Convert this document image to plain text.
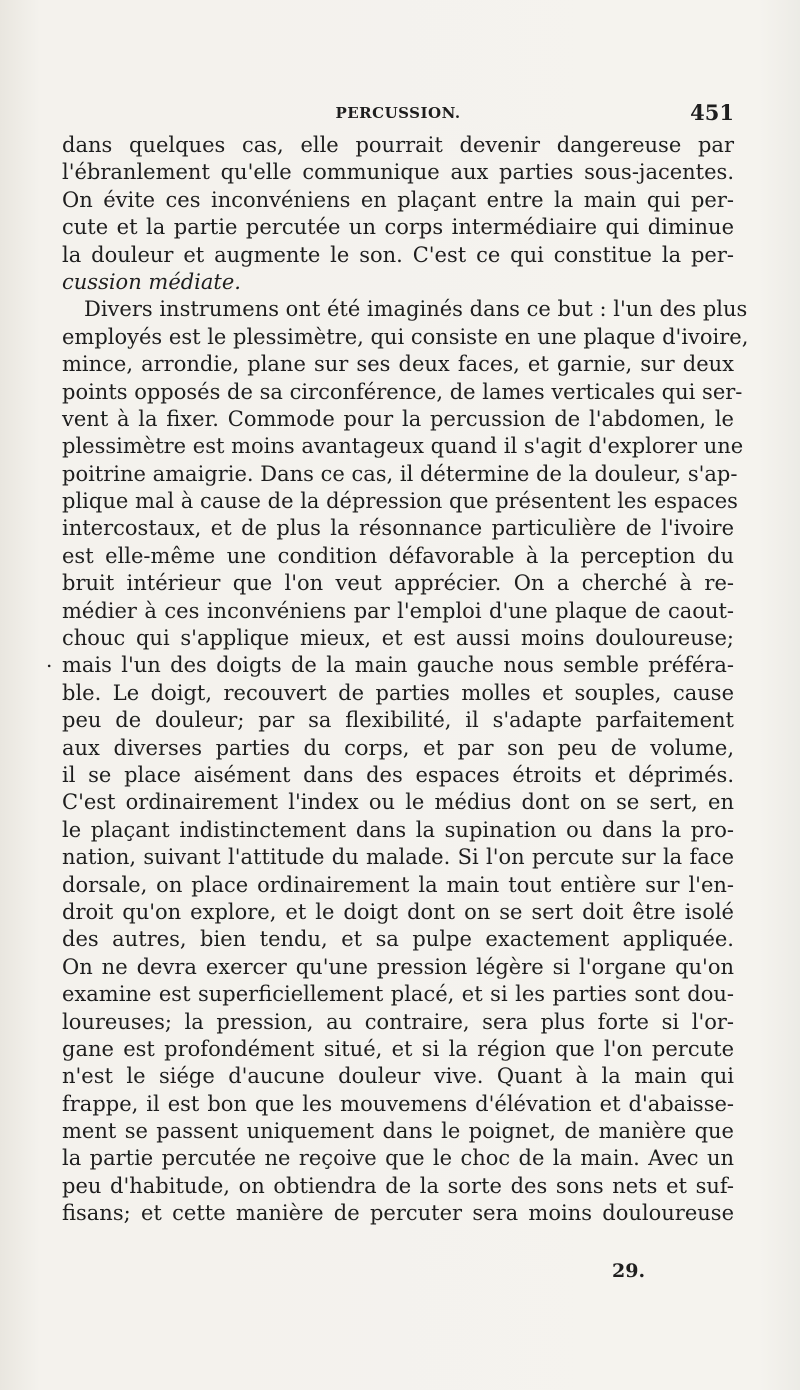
PERCUSSION.	451
.
dans quelques cas, elle pourrait devenir dangereuse par
l'ébranlement qu'elle communique aux parties sous-jacentes.
On évite ces inconvéniens en plaçant entre la main qui per-
cute et la partie percutée un corps intermédiaire qui diminue
la douleur et augmente le son. C'est ce qui constitue la per-
cussion médiate.
Divers instrumens ont été imaginés dans ce but : l'un des plus
employés est le plessimètre, qui consiste en une plaque d'ivoire,
mince, arrondie, plane sur ses deux faces, et garnie, sur deux
points opposés de sa circonférence, de lames verticales qui ser-
vent à la fixer. Commode pour la percussion de l'abdomen, le
plessimètre est moins avantageux quand il s'agit d'explorer une
poitrine amaigrie. Dans ce cas, il détermine de la douleur, s'ap-
plique mal à cause de la dépression que présentent les espaces
intercostaux, et de plus la résonnance particulière de l'ivoire
est elle-même une condition défavorable à la perception du
bruit intérieur que l'on veut apprécier. On a cherché à re-
médier à ces inconvéniens par l'emploi d'une plaque de caout-
chouc qui s'applique mieux, et est aussi moins douloureuse;
mais l'un des doigts de la main gauche nous semble préféra-
ble. Le doigt, recouvert de parties molles et souples, cause
peu de douleur; par sa flexibilité, il s'adapte parfaitement
aux diverses parties du corps, et par son peu de volume,
il se place aisément dans des espaces étroits et déprimés.
C'est ordinairement l'index ou le médius dont on se sert, en
le plaçant indistinctement dans la supination ou dans la pro-
nation, suivant l'attitude du malade. Si l'on percute sur la face
dorsale, on place ordinairement la main tout entière sur l'en-
droit qu'on explore, et le doigt dont on se sert doit être isolé
des autres, bien tendu, et sa pulpe exactement appliquée.
On ne devra exercer qu'une pression légère si l'organe qu'on
examine est superficiellement placé, et si les parties sont dou-
loureuses; la pression, au contraire, sera plus forte si l'or-
gane est profondément situé, et si la région que l'on percute
n'est le siége d'aucune douleur vive. Quant à la main qui
frappe, il est bon que les mouvemens d'élévation et d'abaisse-
ment se passent uniquement dans le poignet, de manière que
la partie percutée ne reçoive que le choc de la main. Avec un
peu d'habitude, on obtiendra de la sorte des sons nets et suf-
fisans; et cette manière de percuter sera moins douloureuse
29.
